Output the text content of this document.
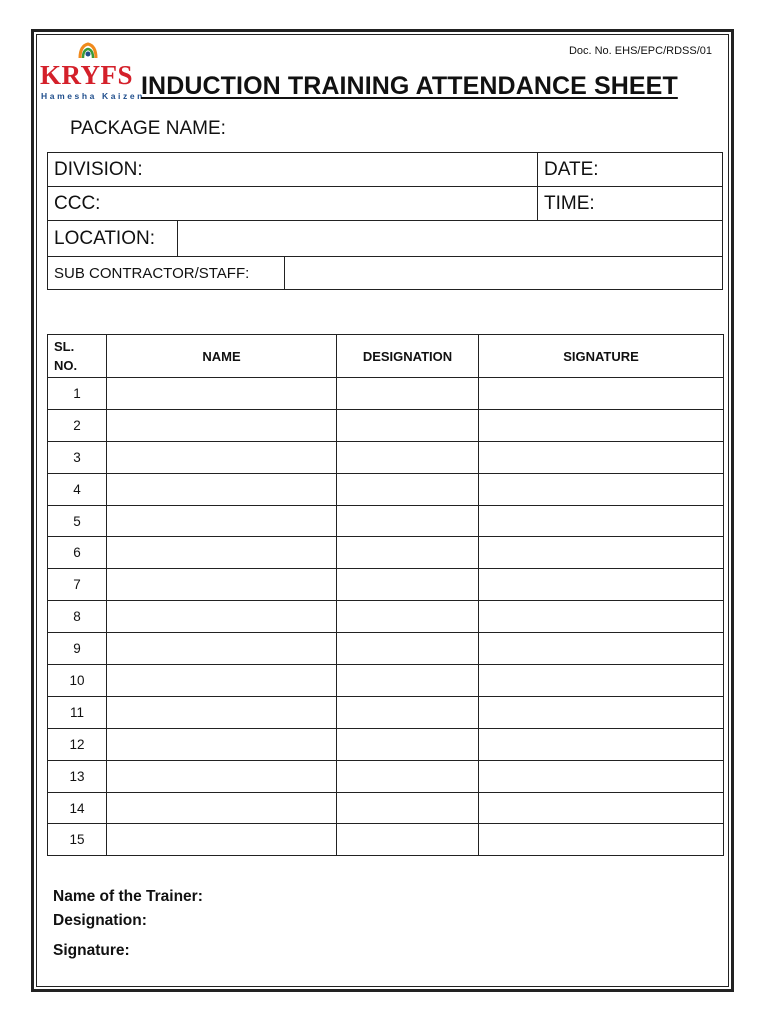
Doc. No. EHS/EPC/RDSS/01
KRYFS
Hamesha Kaizen
INDUCTION TRAINING ATTENDANCE SHEET
PACKAGE NAME:
DIVISION:			DATE:
CCC:			TIME:
LOCATION:			
SUB CONTRACTOR/STAFF:			
SL.
NO.	NAME	DESIGNATION	SIGNATURE
1			
2			
3			
4			
5			
6			
7			
8			
9			
10			
11			
12			
13			
14			
15			
Name of the Trainer:
Designation:
Signature:
